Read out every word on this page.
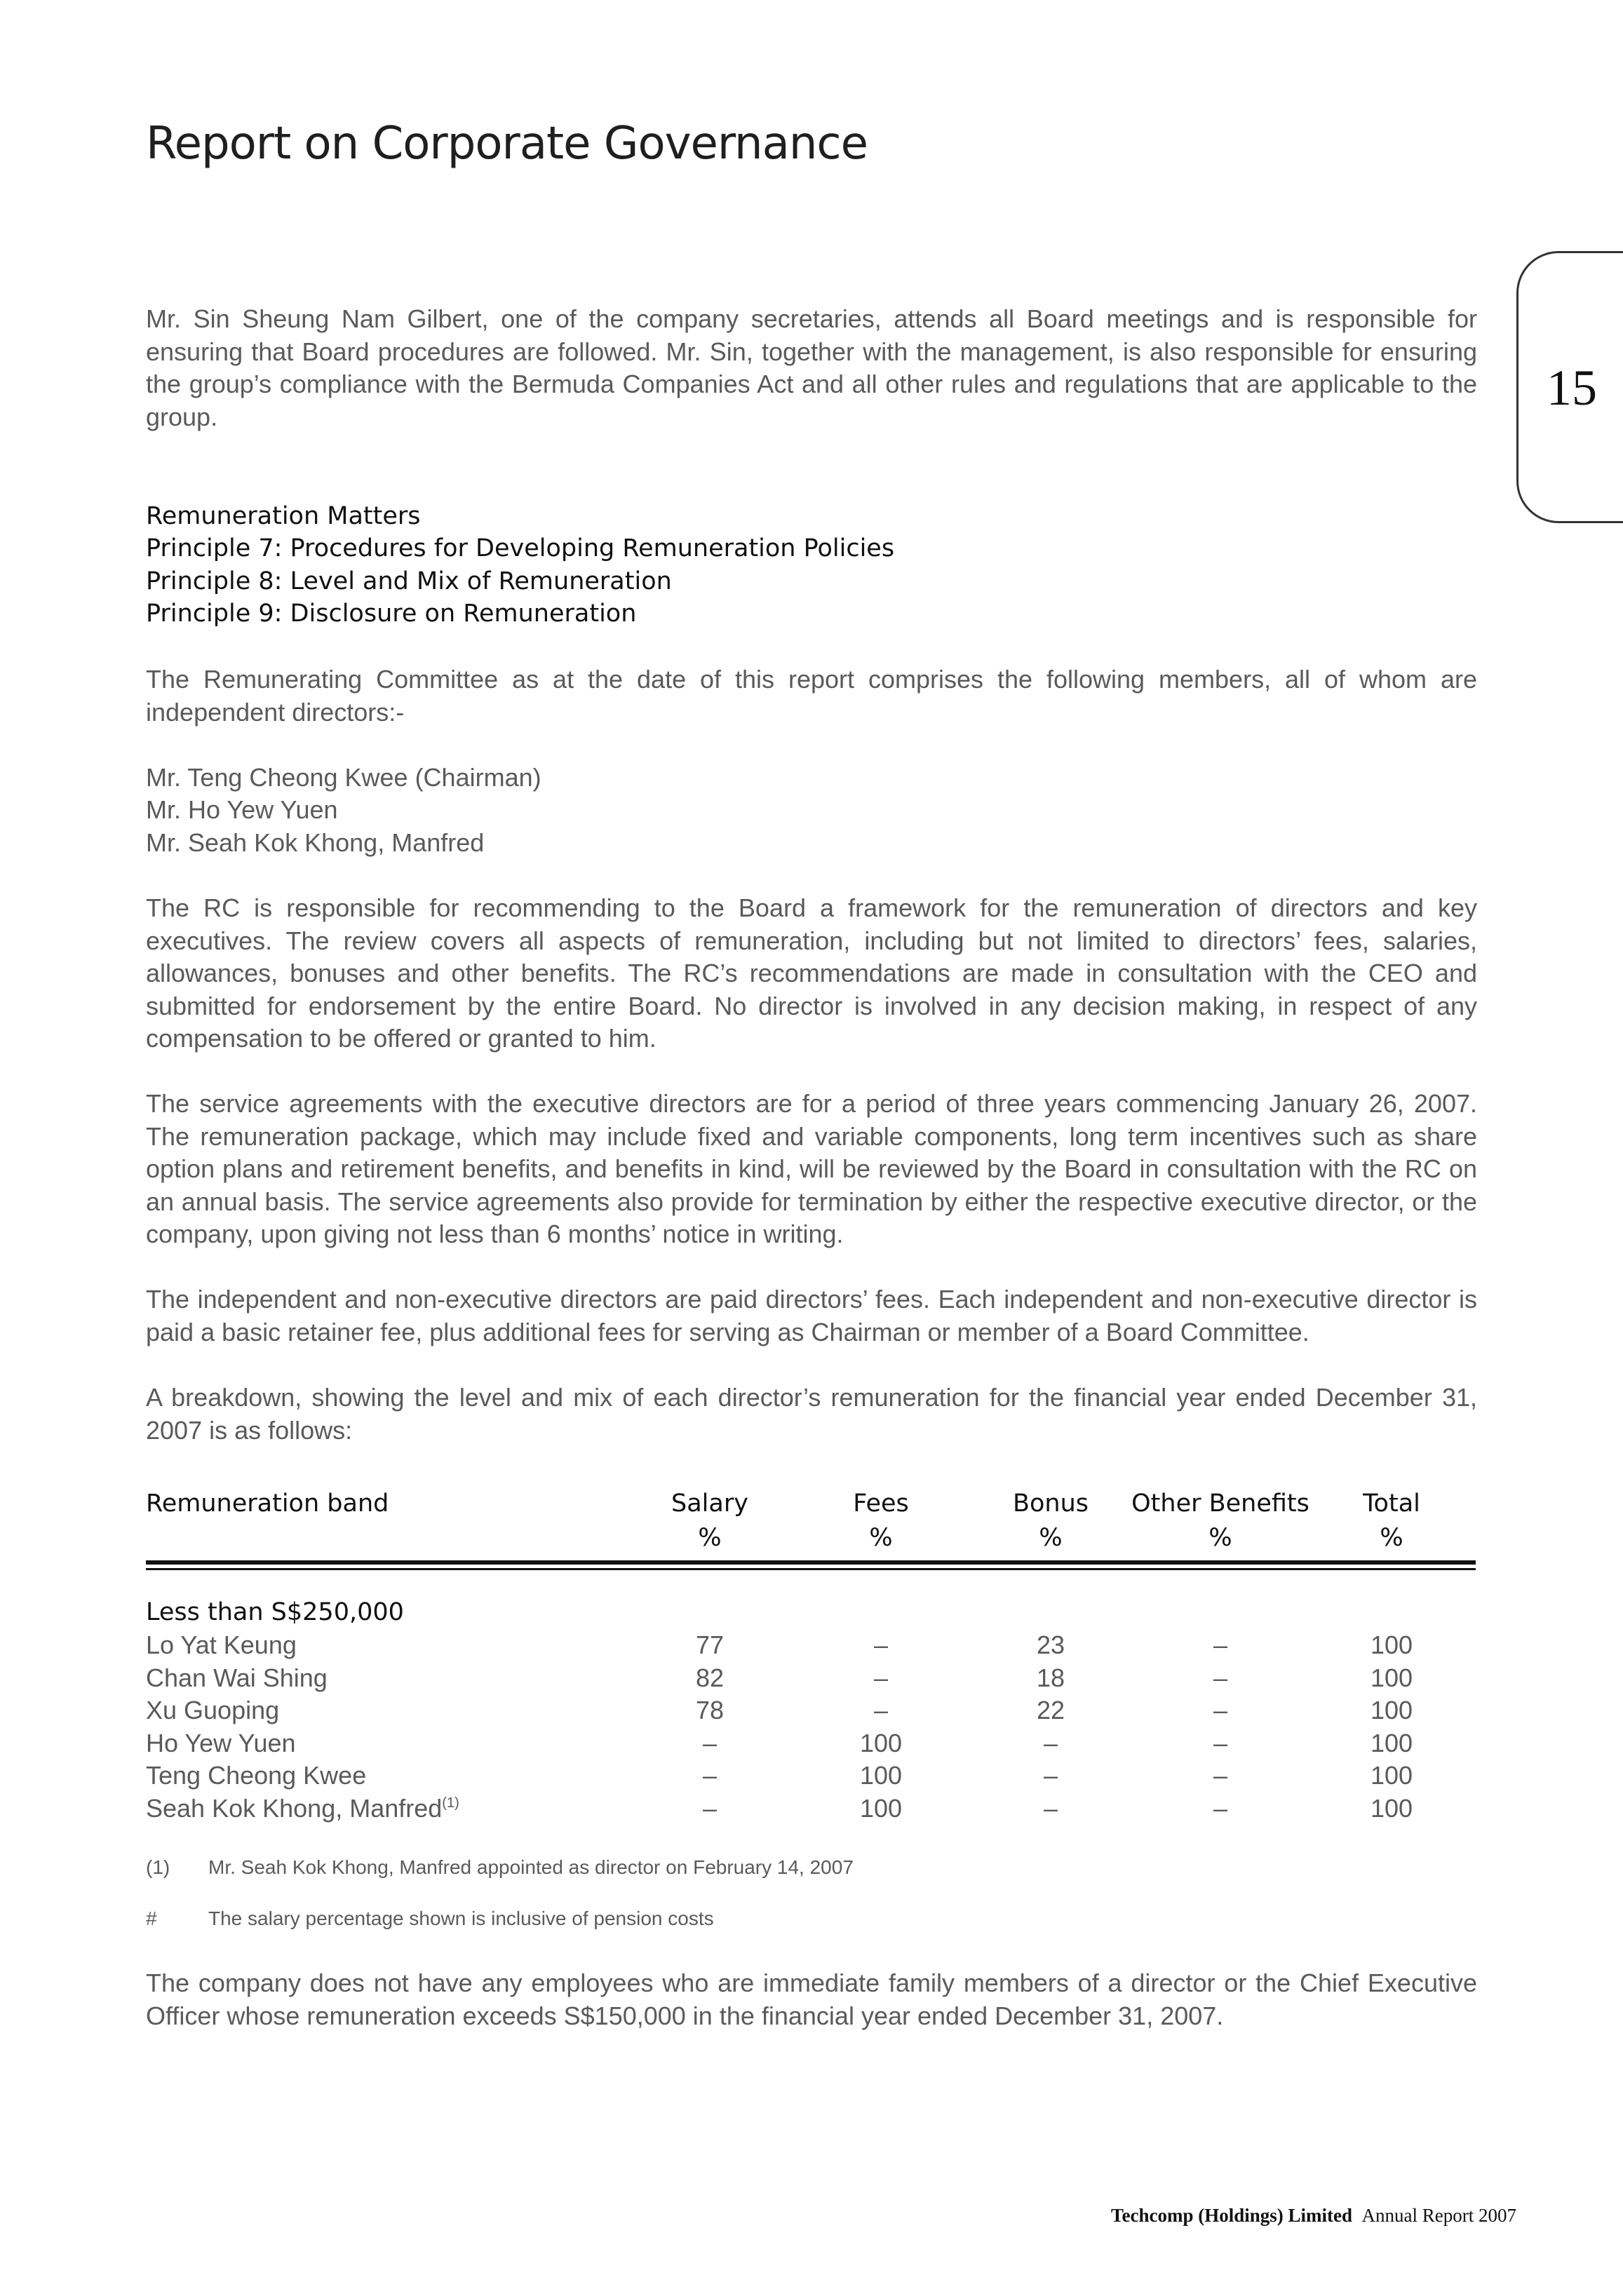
Report on Corporate Governance
15

Mr. Sin Sheung Nam Gilbert, one of the company secretaries, attends all Board meetings and is responsible for ensuring that Board procedures are followed. Mr. Sin, together with the management, is also responsible for ensuring the group’s compliance with the Bermuda Companies Act and all other rules and regulations that are applicable to the group.

Remuneration Matters
Principle 7: Procedures for Developing Remuneration Policies
Principle 8: Level and Mix of Remuneration
Principle 9: Disclosure on Remuneration

The Remunerating Committee as at the date of this report comprises the following members, all of whom are independent directors:-

Mr. Teng Cheong Kwee (Chairman)
Mr. Ho Yew Yuen
Mr. Seah Kok Khong, Manfred

The RC is responsible for recommending to the Board a framework for the remuneration of directors and key executives. The review covers all aspects of remuneration, including but not limited to directors’ fees, salaries, allowances, bonuses and other benefits. The RC’s recommendations are made in consultation with the CEO and submitted for endorsement by the entire Board. No director is involved in any decision making, in respect of any compensation to be offered or granted to him.

The service agreements with the executive directors are for a period of three years commencing January 26, 2007. The remuneration package, which may include fixed and variable components, long term incentives such as share option plans and retirement benefits, and benefits in kind, will be reviewed by the Board in consultation with the RC on an annual basis. The service agreements also provide for termination by either the respective executive director, or the company, upon giving not less than 6 months’ notice in writing.

The independent and non-executive directors are paid directors’ fees. Each independent and non-executive director is paid a basic retainer fee, plus additional fees for serving as Chairman or member of a Board Committee.

A breakdown, showing the level and mix of each director’s remuneration for the financial year ended December 31, 2007 is as follows:

Remuneration band	Salary	Fees	Bonus	Other Benefits	Total
%	%	%	%	%
Less than S$250,000
Lo Yat Keung	77	–	23	–	100
Chan Wai Shing	82	–	18	–	100
Xu Guoping	78	–	22	–	100
Ho Yew Yuen	–	100	–	–	100
Teng Cheong Kwee	–	100	–	–	100
Seah Kok Khong, Manfred$^{(1)}$	–	100	–	–	100
(1) Mr. Seah Kok Khong, Manfred appointed as director on February 14, 2007
#	The salary percentage shown is inclusive of pension costs

The company does not have any employees who are immediate family members of a director or the Chief Executive Officer whose remuneration exceeds S$150,000 in the financial year ended December 31, 2007.

Techcomp (Holdings) Limited Annual Report 2007
